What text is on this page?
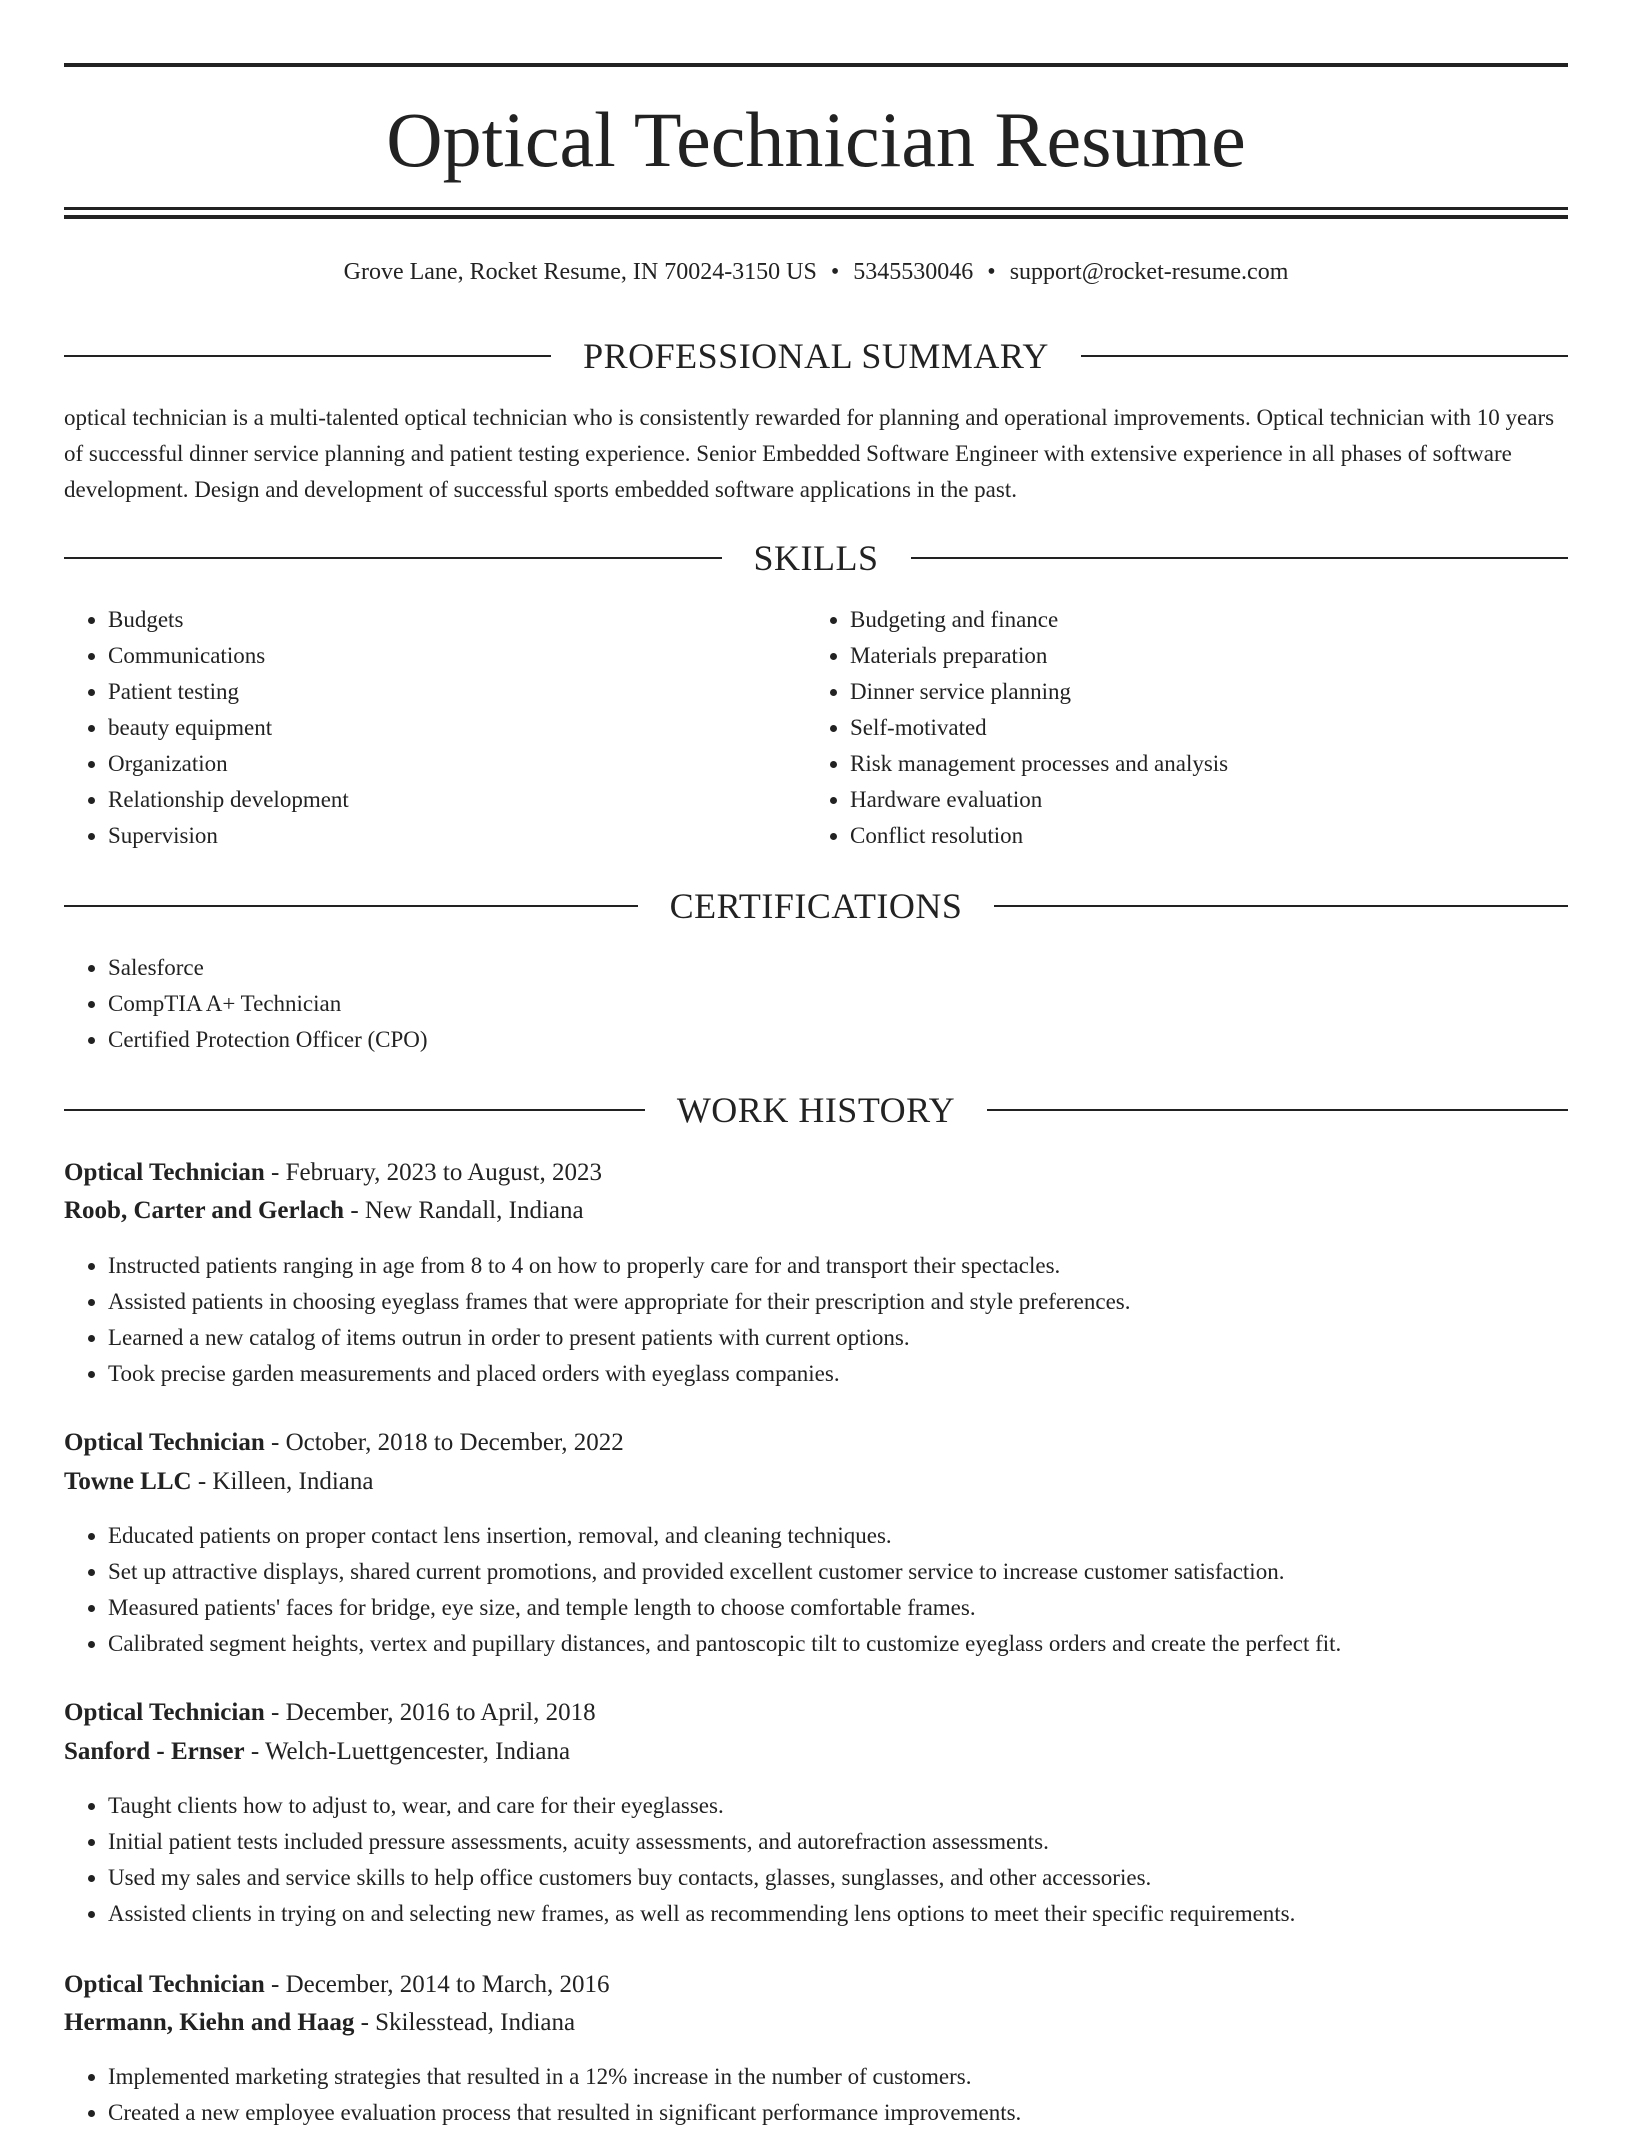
Optical Technician Resume
Grove Lane, Rocket Resume, IN 70024-3150 US • 5345530046 • support@rocket-resume.com
PROFESSIONAL SUMMARY

optical technician is a multi-talented optical technician who is consistently rewarded for planning and operational improvements. Optical technician with 10 years of successful dinner service planning and patient testing experience. Senior Embedded Software Engineer with extensive experience in all phases of software development. Design and development of successful sports embedded software applications in the past.

SKILLS
• Budgets
• Communications
• Patient testing
• beauty equipment
• Organization
• Relationship development
• Supervision
• Budgeting and finance
• Materials preparation
• Dinner service planning
• Self-motivated
• Risk management processes and analysis
• Hardware evaluation
• Conflict resolution
CERTIFICATIONS
• Salesforce
• CompTIA A+ Technician
• Certified Protection Officer (CPO)
WORK HISTORY
Optical Technician - February, 2023 to August, 2023
Roob, Carter and Gerlach - New Randall, Indiana
• Instructed patients ranging in age from 8 to 4 on how to properly care for and transport their spectacles.
• Assisted patients in choosing eyeglass frames that were appropriate for their prescription and style preferences.
• Learned a new catalog of items outrun in order to present patients with current options.
• Took precise garden measurements and placed orders with eyeglass companies.
Optical Technician - October, 2018 to December, 2022
Towne LLC - Killeen, Indiana
• Educated patients on proper contact lens insertion, removal, and cleaning techniques.
• Set up attractive displays, shared current promotions, and provided excellent customer service to increase customer satisfaction.
• Measured patients' faces for bridge, eye size, and temple length to choose comfortable frames.
• Calibrated segment heights, vertex and pupillary distances, and pantoscopic tilt to customize eyeglass orders and create the perfect fit.
Optical Technician - December, 2016 to April, 2018
Sanford - Ernser - Welch-Luettgencester, Indiana
• Taught clients how to adjust to, wear, and care for their eyeglasses.
• Initial patient tests included pressure assessments, acuity assessments, and autorefraction assessments.
• Used my sales and service skills to help office customers buy contacts, glasses, sunglasses, and other accessories.
• Assisted clients in trying on and selecting new frames, as well as recommending lens options to meet their specific requirements.
Optical Technician - December, 2014 to March, 2016
Hermann, Kiehn and Haag - Skilesstead, Indiana
• Implemented marketing strategies that resulted in a 12% increase in the number of customers.
• Created a new employee evaluation process that resulted in significant performance improvements.
